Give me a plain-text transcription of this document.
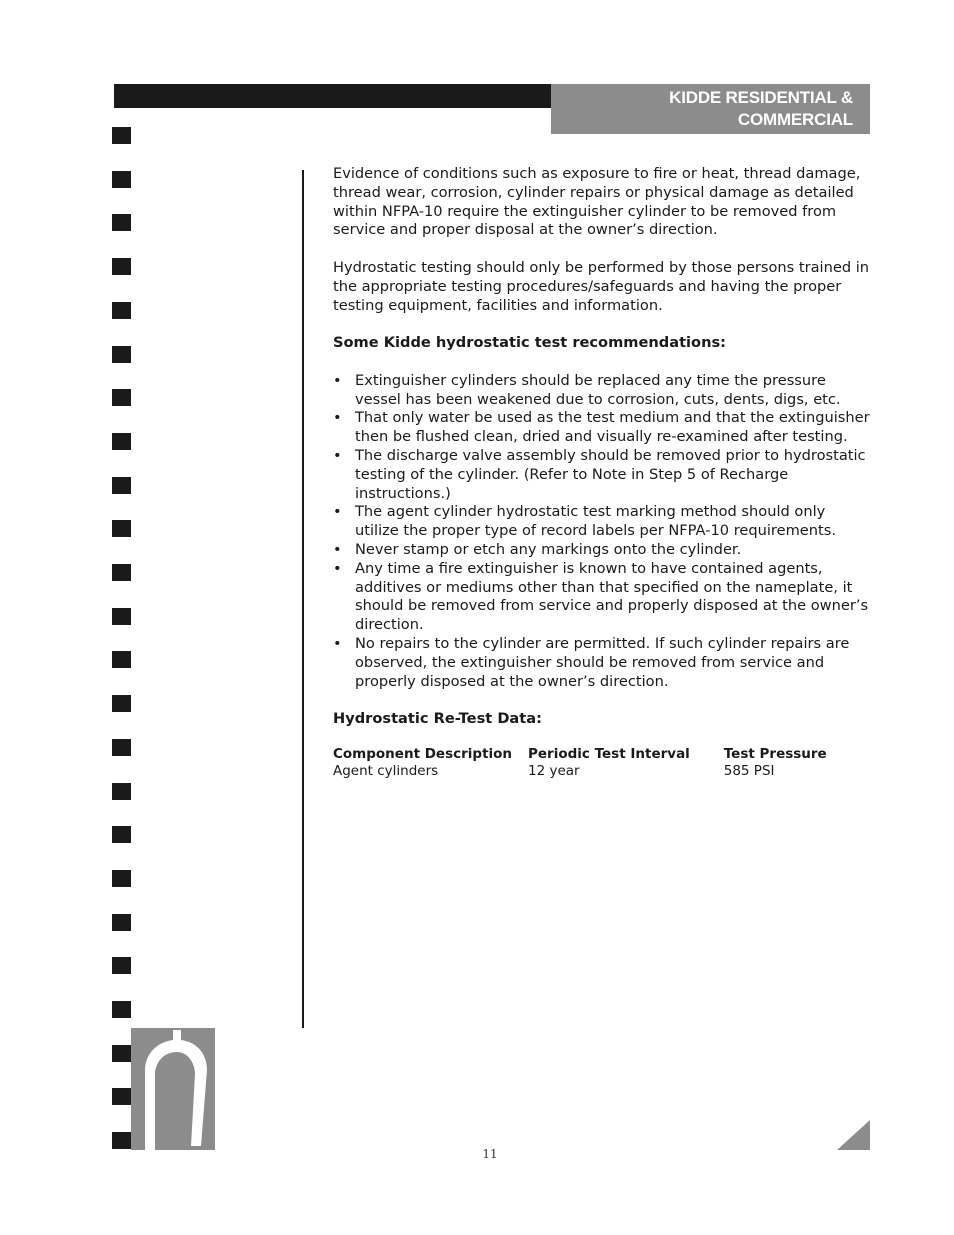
KIDDE RESIDENTIAL & COMMERCIAL
pro line service manual

Evidence of conditions such as exposure to fire or heat, thread damage, thread wear, corrosion, cylinder repairs or physical damage as detailed within NFPA-10 require the extinguisher cylinder to be removed from service and proper disposal at the owner’s direction.

Hydrostatic testing should only be performed by those persons trained in the appropriate testing procedures/safeguards and having the proper testing equipment, facilities and information.

Some Kidde hydrostatic test recommendations:
• Extinguisher cylinders should be replaced any time the pressure vessel has been weakened due to corrosion, cuts, dents, digs, etc.
• That only water be used as the test medium and that the extinguisher then be flushed clean, dried and visually re-examined after testing.
• The discharge valve assembly should be removed prior to hydrostatic testing of the cylinder. (Refer to Note in Step 5 of Recharge instructions.)
• The agent cylinder hydrostatic test marking method should only utilize the proper type of record labels per NFPA-10 requirements.
• Never stamp or etch any markings onto the cylinder.
• Any time a fire extinguisher is known to have contained agents, additives or mediums other than that specified on the nameplate, it should be removed from service and properly disposed at the owner’s direction.
• No repairs to the cylinder are permitted. If such cylinder repairs are observed, the extinguisher should be removed from service and properly disposed at the owner’s direction.
Hydrostatic Re-Test Data:
Component Description	Periodic Test Interval	Test Pressure
Agent cylinders	12 year	585 PSI
11
